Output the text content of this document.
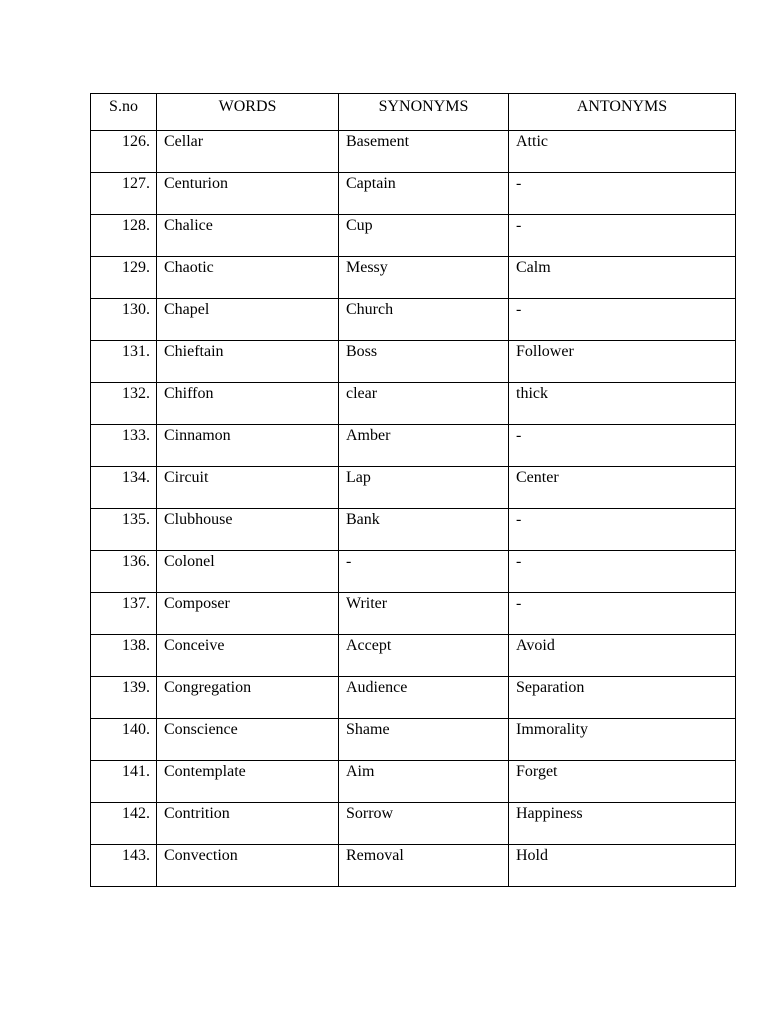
S.no	WORDS	SYNONYMS	ANTONYMS
126.	Cellar	Basement	Attic
127.	Centurion	Captain	-
128.	Chalice	Cup	-
129.	Chaotic	Messy	Calm
130.	Chapel	Church	-
131.	Chieftain	Boss	Follower
132.	Chiffon	clear	thick
133.	Cinnamon	Amber	-
134.	Circuit	Lap	Center
135.	Clubhouse	Bank	-
136.	Colonel	-	-
137.	Composer	Writer	-
138.	Conceive	Accept	Avoid
139.	Congregation	Audience	Separation
140.	Conscience	Shame	Immorality
141.	Contemplate	Aim	Forget
142.	Contrition	Sorrow	Happiness
143.	Convection	Removal	Hold
